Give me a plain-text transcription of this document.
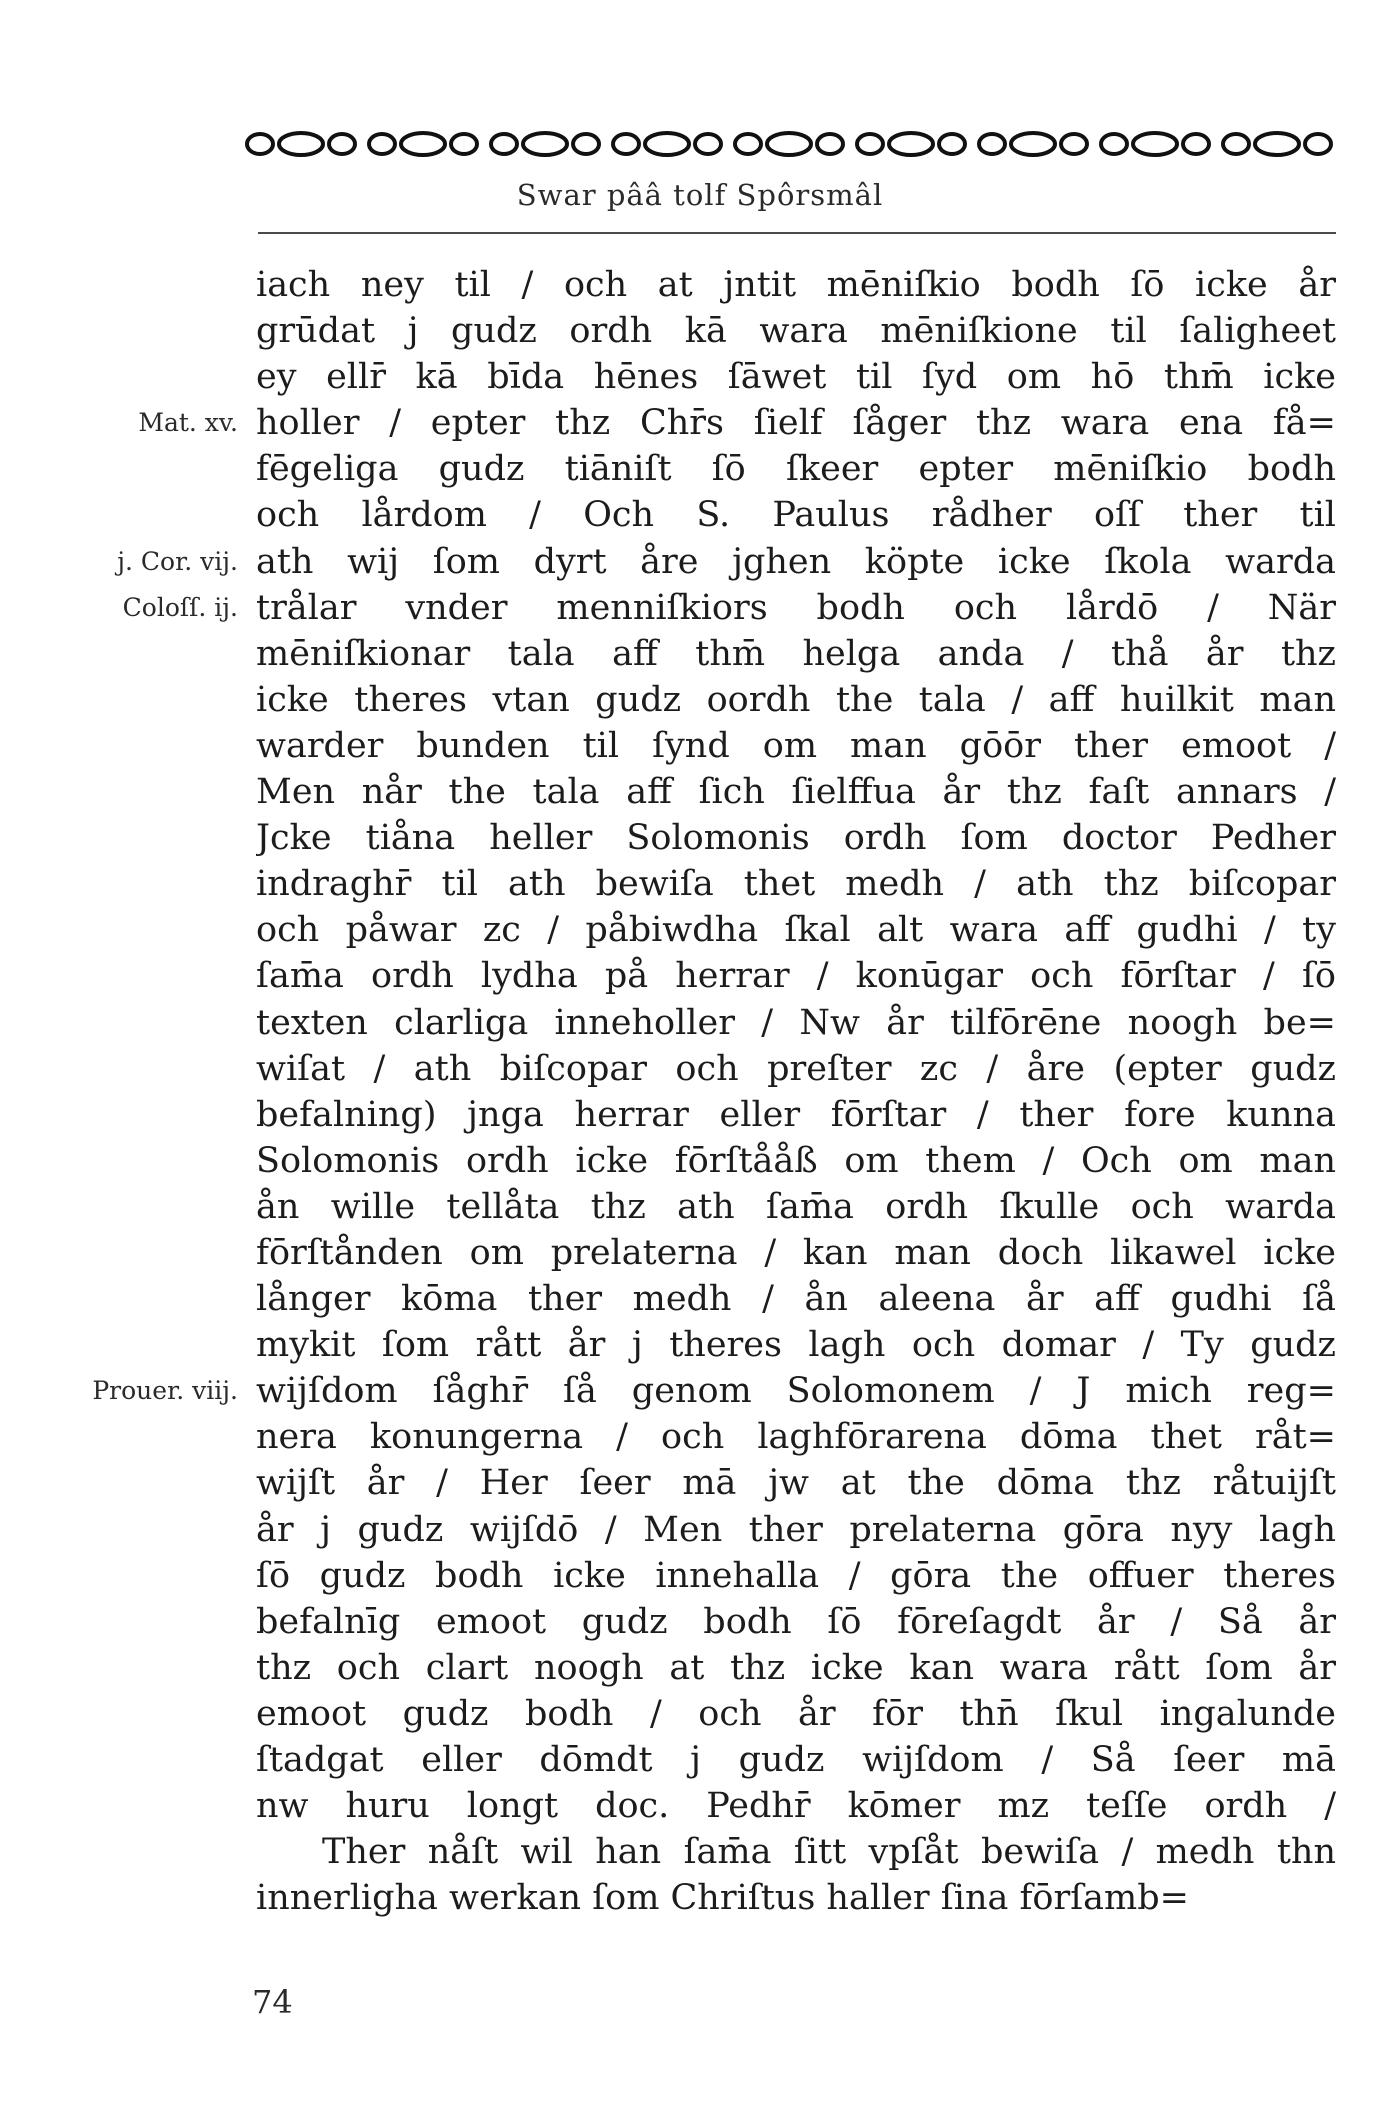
Swar pââ tolf Spôrsmâl
iach ney til / och at jntit mēniſkio bodh ſō icke år
grūdat j gudz ordh kā wara mēniſkione til ſaligheet
ey ellr̄ kā bīda hēnes ſāwet til ſyd om hō thm̄ icke
holler / epter thz Chr̄s ſielf ſåger thz wara ena få=
fēgeliga gudz tiāniſt ſō ſkeer epter mēniſkio bodh
och lårdom / Och S. Paulus rådher oſſ ther til
ath wij ſom dyrt åre jghen köpte icke ſkola warda
trålar vnder menniſkiors bodh och lårdō / När
mēniſkionar tala aff thm̄ helga anda / thå år thz
icke theres vtan gudz oordh the tala / aff huilkit man
warder bunden til ſynd om man gōōr ther emoot /
Men når the tala aff ſich ſielffua år thz faſt annars /
Jcke tiåna heller Solomonis ordh ſom doctor Pedher
indraghr̄ til ath bewiſa thet medh / ath thz biſcopar
och påwar zc / påbiwdha ſkal alt wara aff gudhi / ty
ſam̄a ordh lydha på herrar / konūgar och fōrſtar / ſō
texten clarliga inneholler / Nw år tilfōrēne noogh be=
wiſat / ath biſcopar och preſter zc / åre (epter gudz
befalning) jnga herrar eller fōrſtar / ther fore kunna
Solomonis ordh icke fōrſtååß om them / Och om man
ån wille tellåta thz ath ſam̄a ordh ſkulle och warda
fōrſtånden om prelaterna / kan man doch likawel icke
långer kōma ther medh / ån aleena år aff gudhi ſå
mykit ſom rått år j theres lagh och domar / Ty gudz
wijſdom ſåghr̄ ſå genom Solomonem / J mich reg=
nera konungerna / och laghfōrarena dōma thet råt=
wijſt år / Her ſeer mā jw at the dōma thz råtuijſt
år j gudz wijſdō / Men ther prelaterna gōra nyy lagh
ſō gudz bodh icke innehalla / gōra the offuer theres
befalnīg emoot gudz bodh ſō fōreſagdt år / Så år
thz och clart noogh at thz icke kan wara rått ſom år
emoot gudz bodh / och år fōr thn̄ ſkul ingalunde
ſtadgat eller dōmdt j gudz wijſdom / Så ſeer mā
nw huru longt doc. Pedhr̄ kōmer mz teſſe ordh /
Ther nåſt wil han ſam̄a ſitt vpſåt bewiſa / medh thn
innerligha werkan ſom Chriſtus haller ſina fōrſamb=
Mat. xv.
j. Cor. vij.
Coloſſ. ij.
Prouer. viij.
74
